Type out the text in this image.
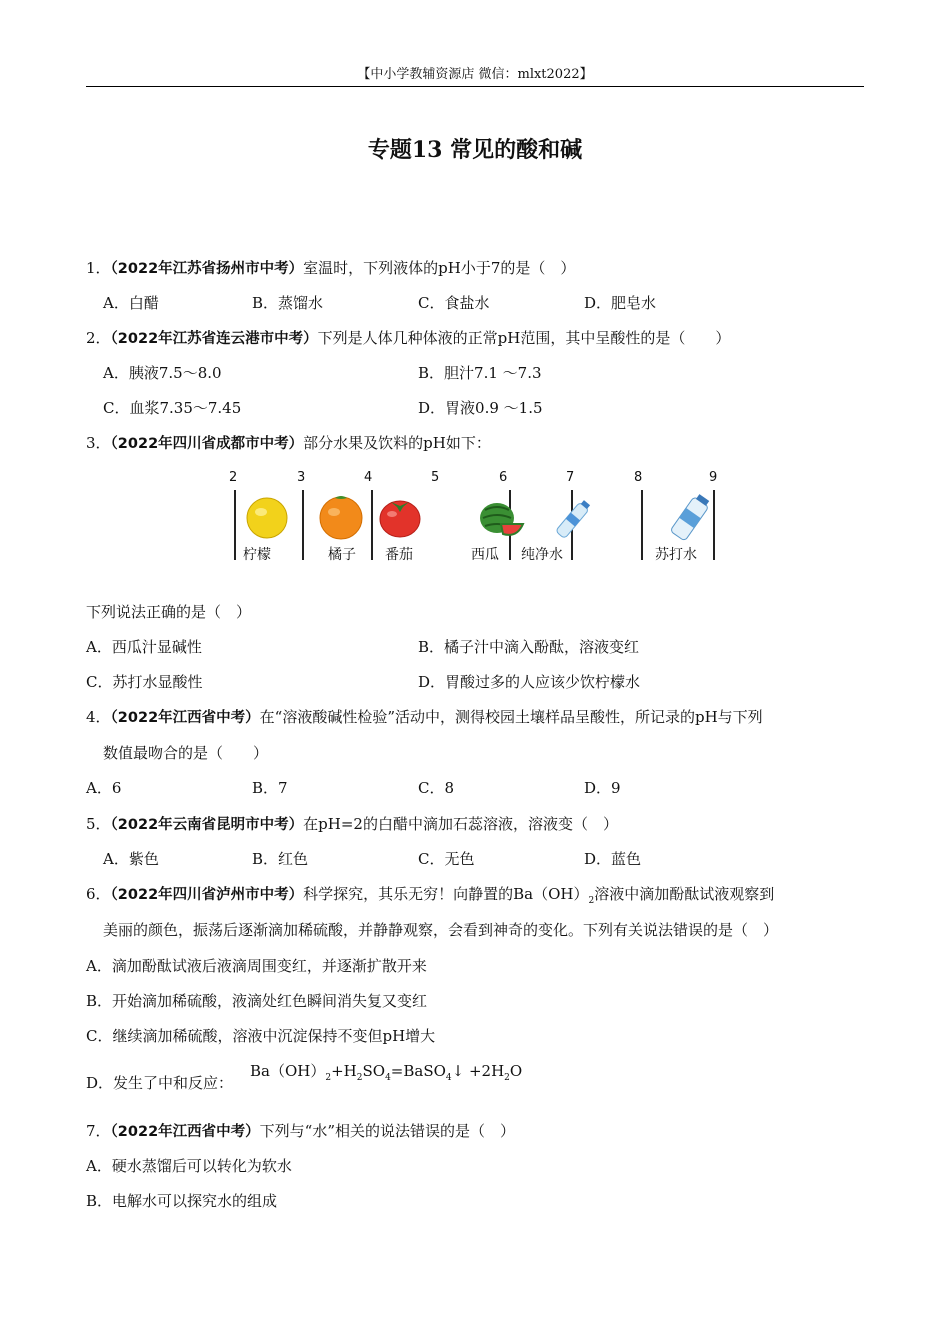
【中小学教辅资源店 微信：mlxt2022】
专题13 常见的酸和碱
1．（2022年江苏省扬州市中考）室温时，下列液体的pH小于7的是（　）
A．白醋	B．蒸馏水	C．食盐水	D．肥皂水
2．（2022年江苏省连云港市中考）下列是人体几种体液的正常pH范围，其中呈酸性的是（　　）
A．胰液7.5～8.0	B．胆汁7.1 ～7.3
C．血浆7.35～7.45	D．胃液0.9 ～1.5
3．（2022年四川省成都市中考）部分水果及饮料的pH如下：
2	3	4	5	6	7	8	9
柠檬	橘子 番茄	西瓜 纯净水	苏打水
下列说法正确的是（　）
A．西瓜汁显碱性	B．橘子汁中滴入酚酞，溶液变红
C．苏打水显酸性	D．胃酸过多的人应该少饮柠檬水
4．（2022年江西省中考）在“溶液酸碱性检验”活动中，测得校园土壤样品呈酸性，所记录的pH与下列
数值最吻合的是（　　）
A．6	B．7	C．8	D．9
5．（2022年云南省昆明市中考）在pH=2的白醋中滴加石蕊溶液，溶液变（　）
A．紫色	B．红色	C．无色	D．蓝色
6．（2022年四川省泸州市中考）科学探究，其乐无穷！向静置的$Ba(OH)_2$溶液中滴加酚酞试液观察到
美丽的颜色，振荡后逐渐滴加稀硫酸，并静静观察，会看到神奇的变化。下列有关说法错误的是（　）
A．滴加酚酞试液后液滴周围变红，并逐渐扩散开来
B．开始滴加稀硫酸，液滴处红色瞬间消失复又变红
C．继续滴加稀硫酸，溶液中沉淀保持不变但pH增大
D．发生了中和反应：
$Ba(OH)_2+H_2SO_4=BaSO_4↓ +2H_2O$
7．（2022年江西省中考）下列与“水”相关的说法错误的是（　）
A．硬水蒸馏后可以转化为软水
B．电解水可以探究水的组成
